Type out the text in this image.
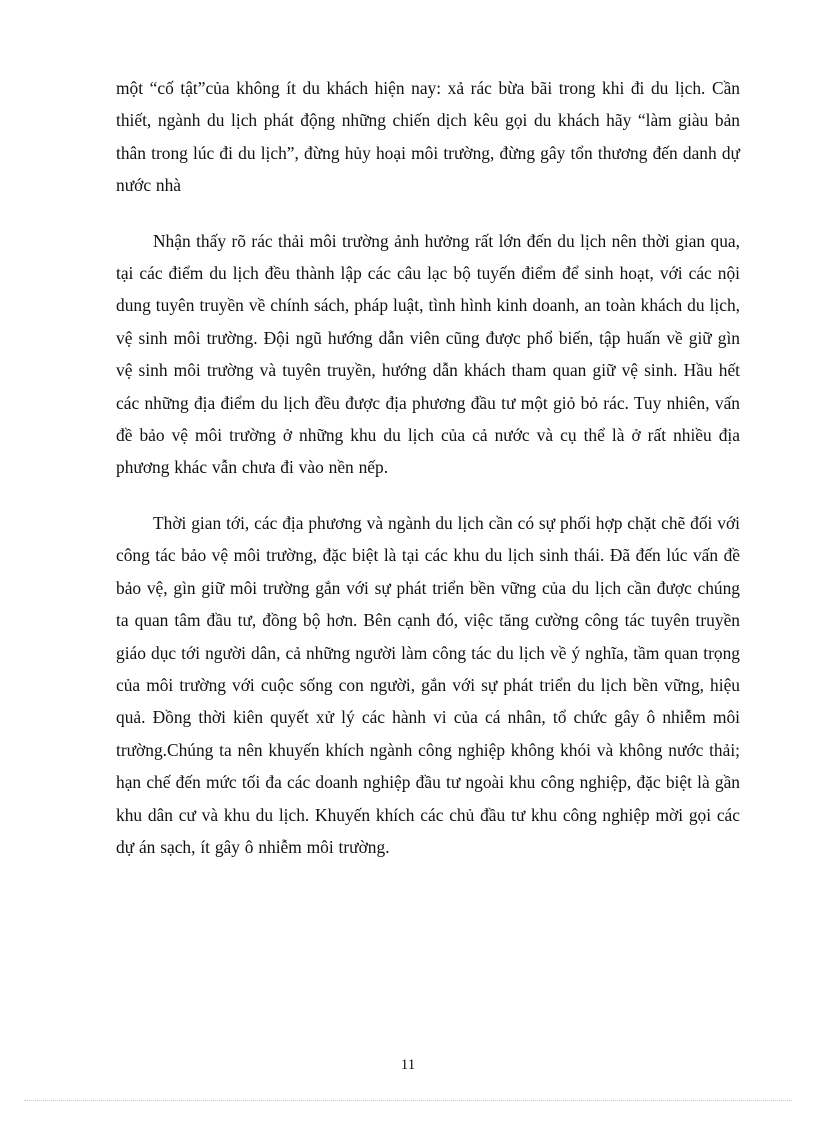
một “cố tật”của không ít du khách hiện nay: xả rác bừa bãi trong khi đi du lịch. Cần thiết, ngành du lịch phát động những chiến dịch kêu gọi du khách hãy “làm giàu bản thân trong lúc đi du lịch”, đừng hủy hoại môi trường, đừng gây tổn thương đến danh dự nước nhà

Nhận thấy rõ rác thải môi trường ảnh hưởng rất lớn đến du lịch nên thời gian qua, tại các điểm du lịch đều thành lập các câu lạc bộ tuyến điểm để sinh hoạt, với các nội dung tuyên truyền về chính sách, pháp luật, tình hình kinh doanh, an toàn khách du lịch, vệ sinh môi trường. Đội ngũ hướng dẫn viên cũng được phổ biến, tập huấn về giữ gìn vệ sinh môi trường và tuyên truyền, hướng dẫn khách tham quan giữ vệ sinh. Hầu hết các những địa điểm du lịch đều được địa phương đầu tư một giỏ bỏ rác. Tuy nhiên, vấn đề bảo vệ môi trường ở những khu du lịch của cả nước và cụ thể là ở rất nhiều địa phương khác vẫn chưa đi vào nền nếp.

Thời gian tới, các địa phương và ngành du lịch cần có sự phối hợp chặt chẽ đối với công tác bảo vệ môi trường, đặc biệt là tại các khu du lịch sinh thái. Đã đến lúc vấn đề bảo vệ, gìn giữ môi trường gắn với sự phát triển bền vững của du lịch cần được chúng ta quan tâm đầu tư, đồng bộ hơn. Bên cạnh đó, việc tăng cường công tác tuyên truyền giáo dục tới người dân, cả những người làm công tác du lịch về ý nghĩa, tầm quan trọng của môi trường với cuộc sống con người, gắn với sự phát triển du lịch bền vững, hiệu quả. Đồng thời kiên quyết xử lý các hành vi của cá nhân, tổ chức gây ô nhiễm môi trường.Chúng ta nên khuyến khích ngành công nghiệp không khói và không nước thải; hạn chế đến mức tối đa các doanh nghiệp đầu tư ngoài khu công nghiệp, đặc biệt là gần khu dân cư và khu du lịch. Khuyến khích các chủ đầu tư khu công nghiệp mời gọi các dự án sạch, ít gây ô nhiễm môi trường.

11
